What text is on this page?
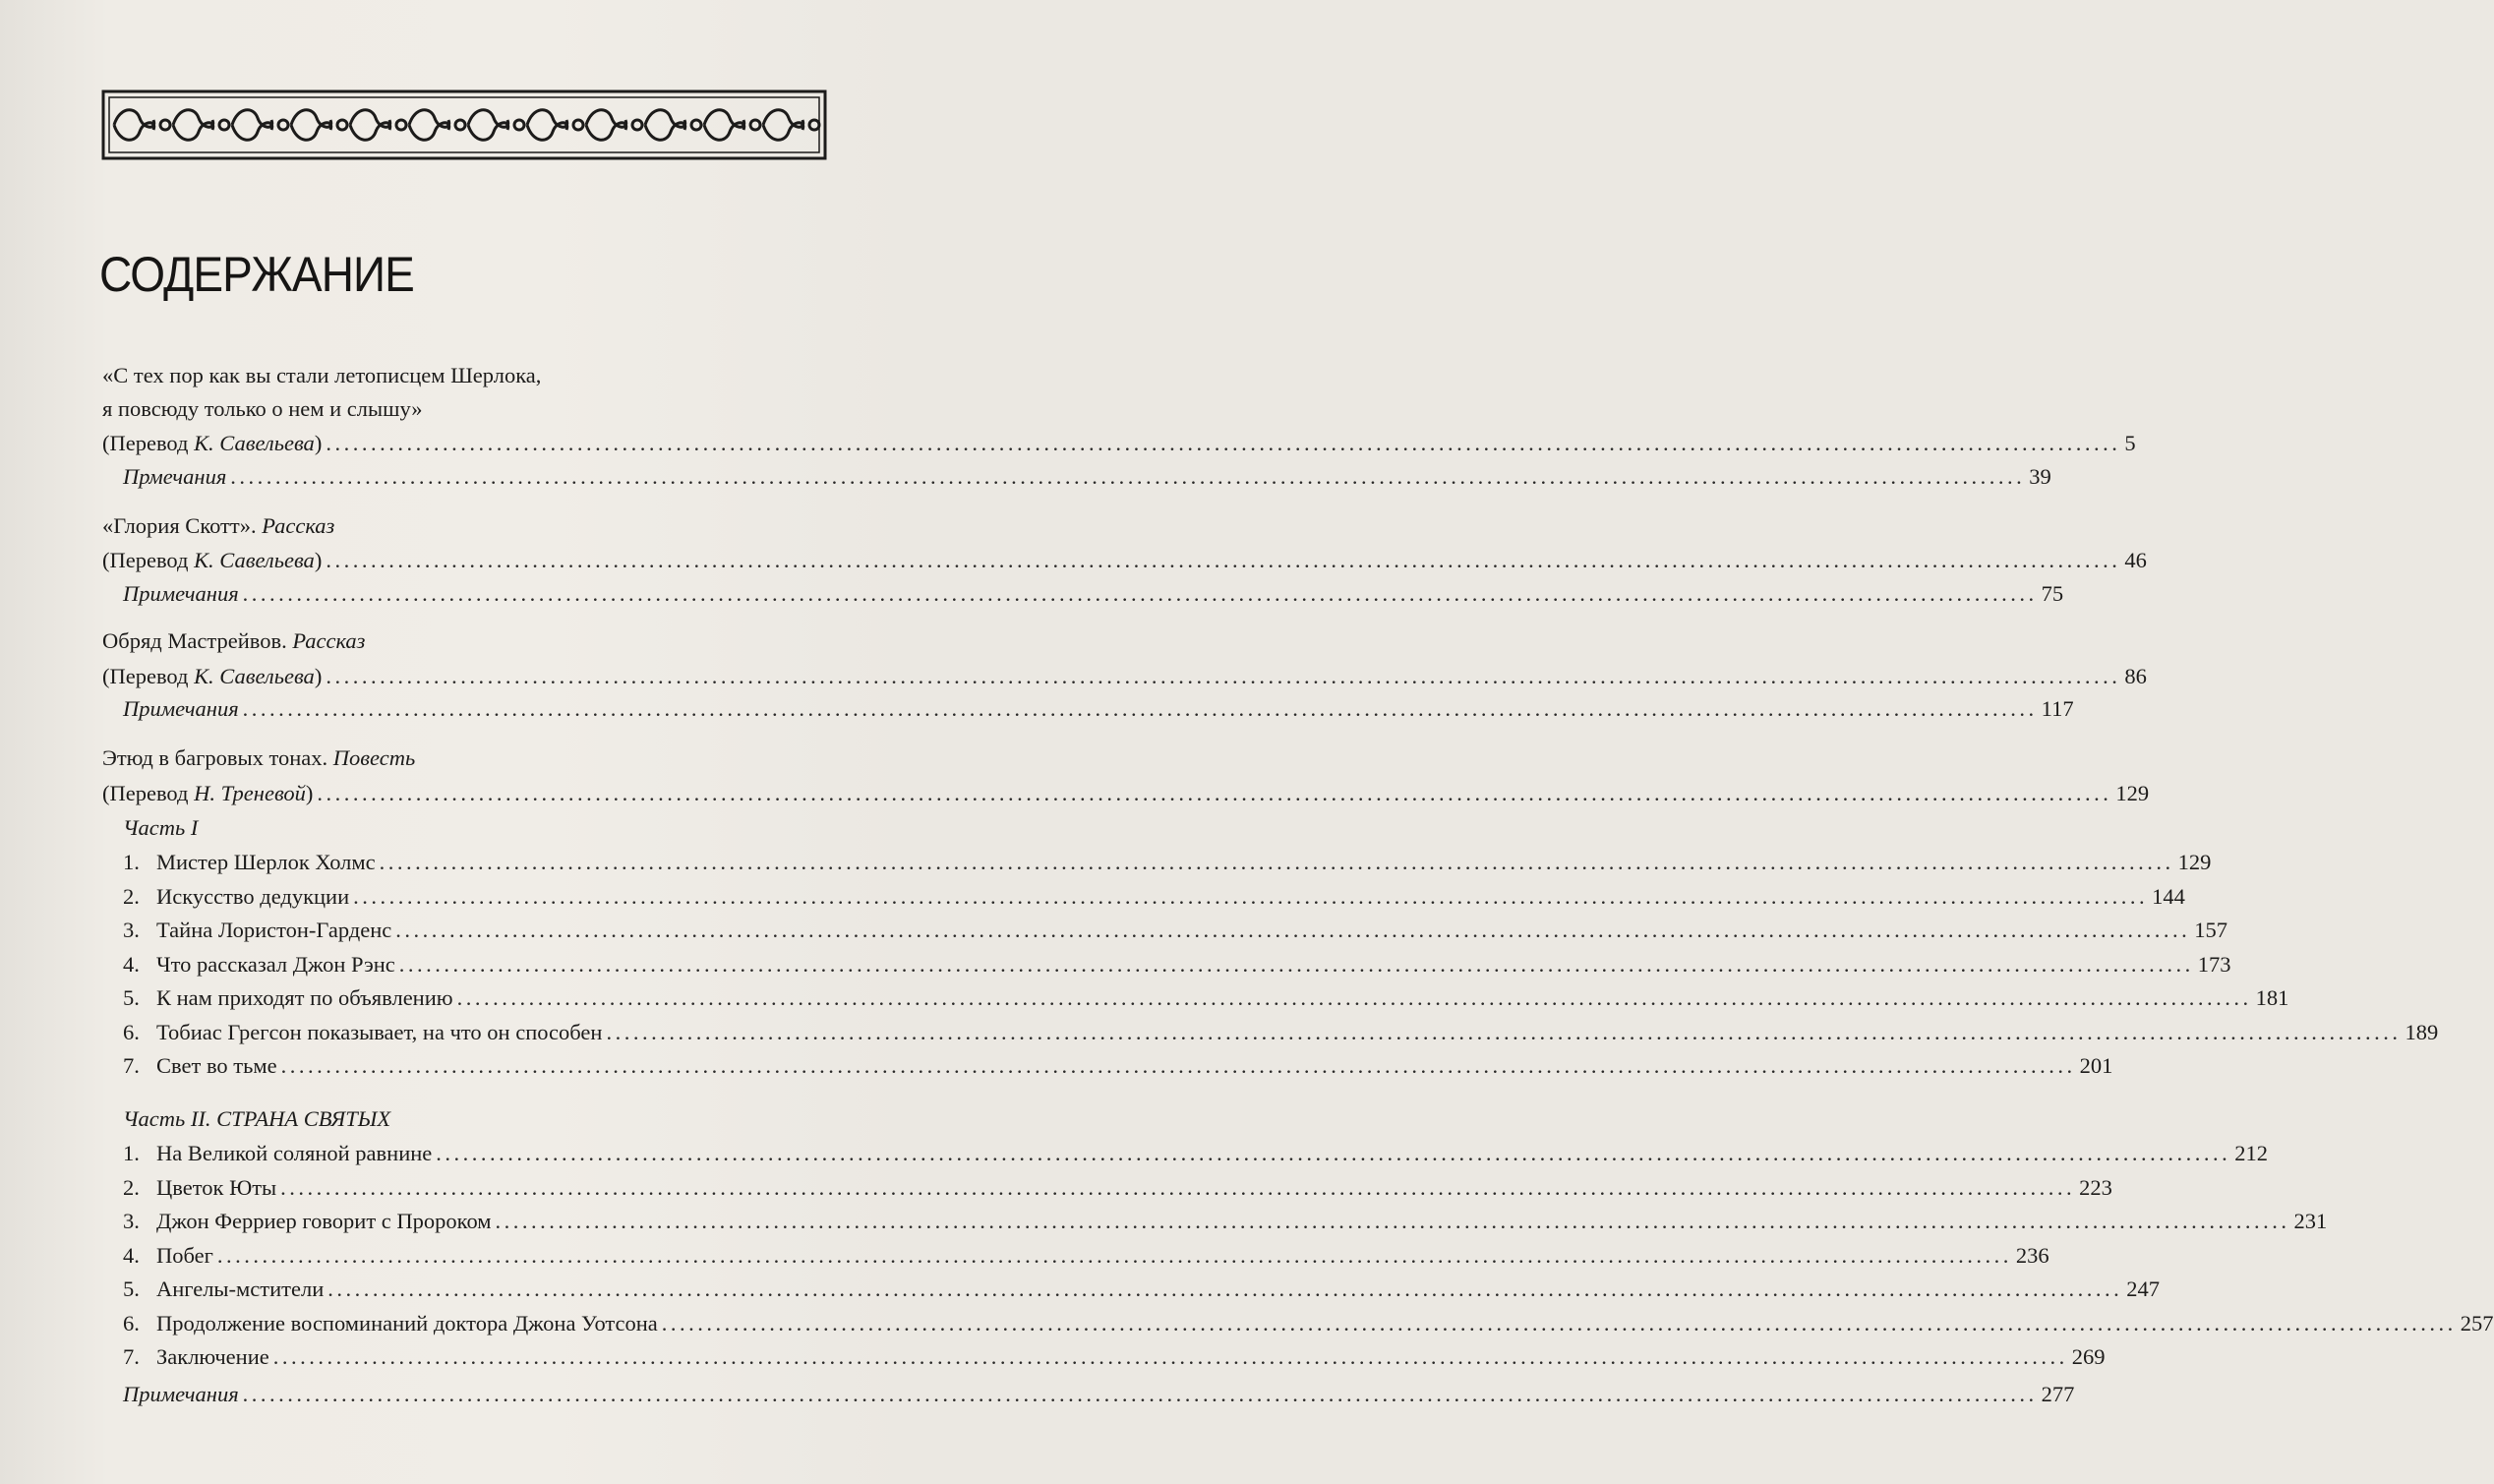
СОДЕРЖАНИЕ
«С тех пор как вы стали летописцем Шерлока,
я повсюду только о нем и слышу»
(Перевод К. Савельева) ........................................................................................................................................................................................................ 5
Прмечания ........................................................................................................................................................................................................ 39
«Глория Скотт». Рассказ
(Перевод К. Савельева) ........................................................................................................................................................................................................ 46
Примечания ........................................................................................................................................................................................................ 75
Обряд Мастрейвов. Рассказ
(Перевод К. Савельева) ........................................................................................................................................................................................................ 86
Примечания ........................................................................................................................................................................................................ 117
Этюд в багровых тонах. Повесть
(Перевод Н. Треневой) ........................................................................................................................................................................................................ 129
Часть I
1. Мистер Шерлок Холмс ........................................................................................................................................................................................................ 129
2. Искусство дедукции ........................................................................................................................................................................................................ 144
3. Тайна Лористон-Гарденс ........................................................................................................................................................................................................ 157
4. Что рассказал Джон Рэнс ........................................................................................................................................................................................................ 173
5. К нам приходят по объявлению ........................................................................................................................................................................................................ 181
6. Тобиас Грегсон показывает, на что он способен ........................................................................................................................................................................................................ 189
7. Свет во тьме ........................................................................................................................................................................................................ 201
Часть II. СТРАНА СВЯТЫХ
1. На Великой соляной равнине ........................................................................................................................................................................................................ 212
2. Цветок Юты ........................................................................................................................................................................................................ 223
3. Джон Ферриер говорит с Пророком ........................................................................................................................................................................................................ 231
4. Побег ........................................................................................................................................................................................................ 236
5. Ангелы-мстители ........................................................................................................................................................................................................ 247
6. Продолжение воспоминаний доктора Джона Уотсона ........................................................................................................................................................................................................ 257
7. Заключение ........................................................................................................................................................................................................ 269
Примечания ........................................................................................................................................................................................................ 277
